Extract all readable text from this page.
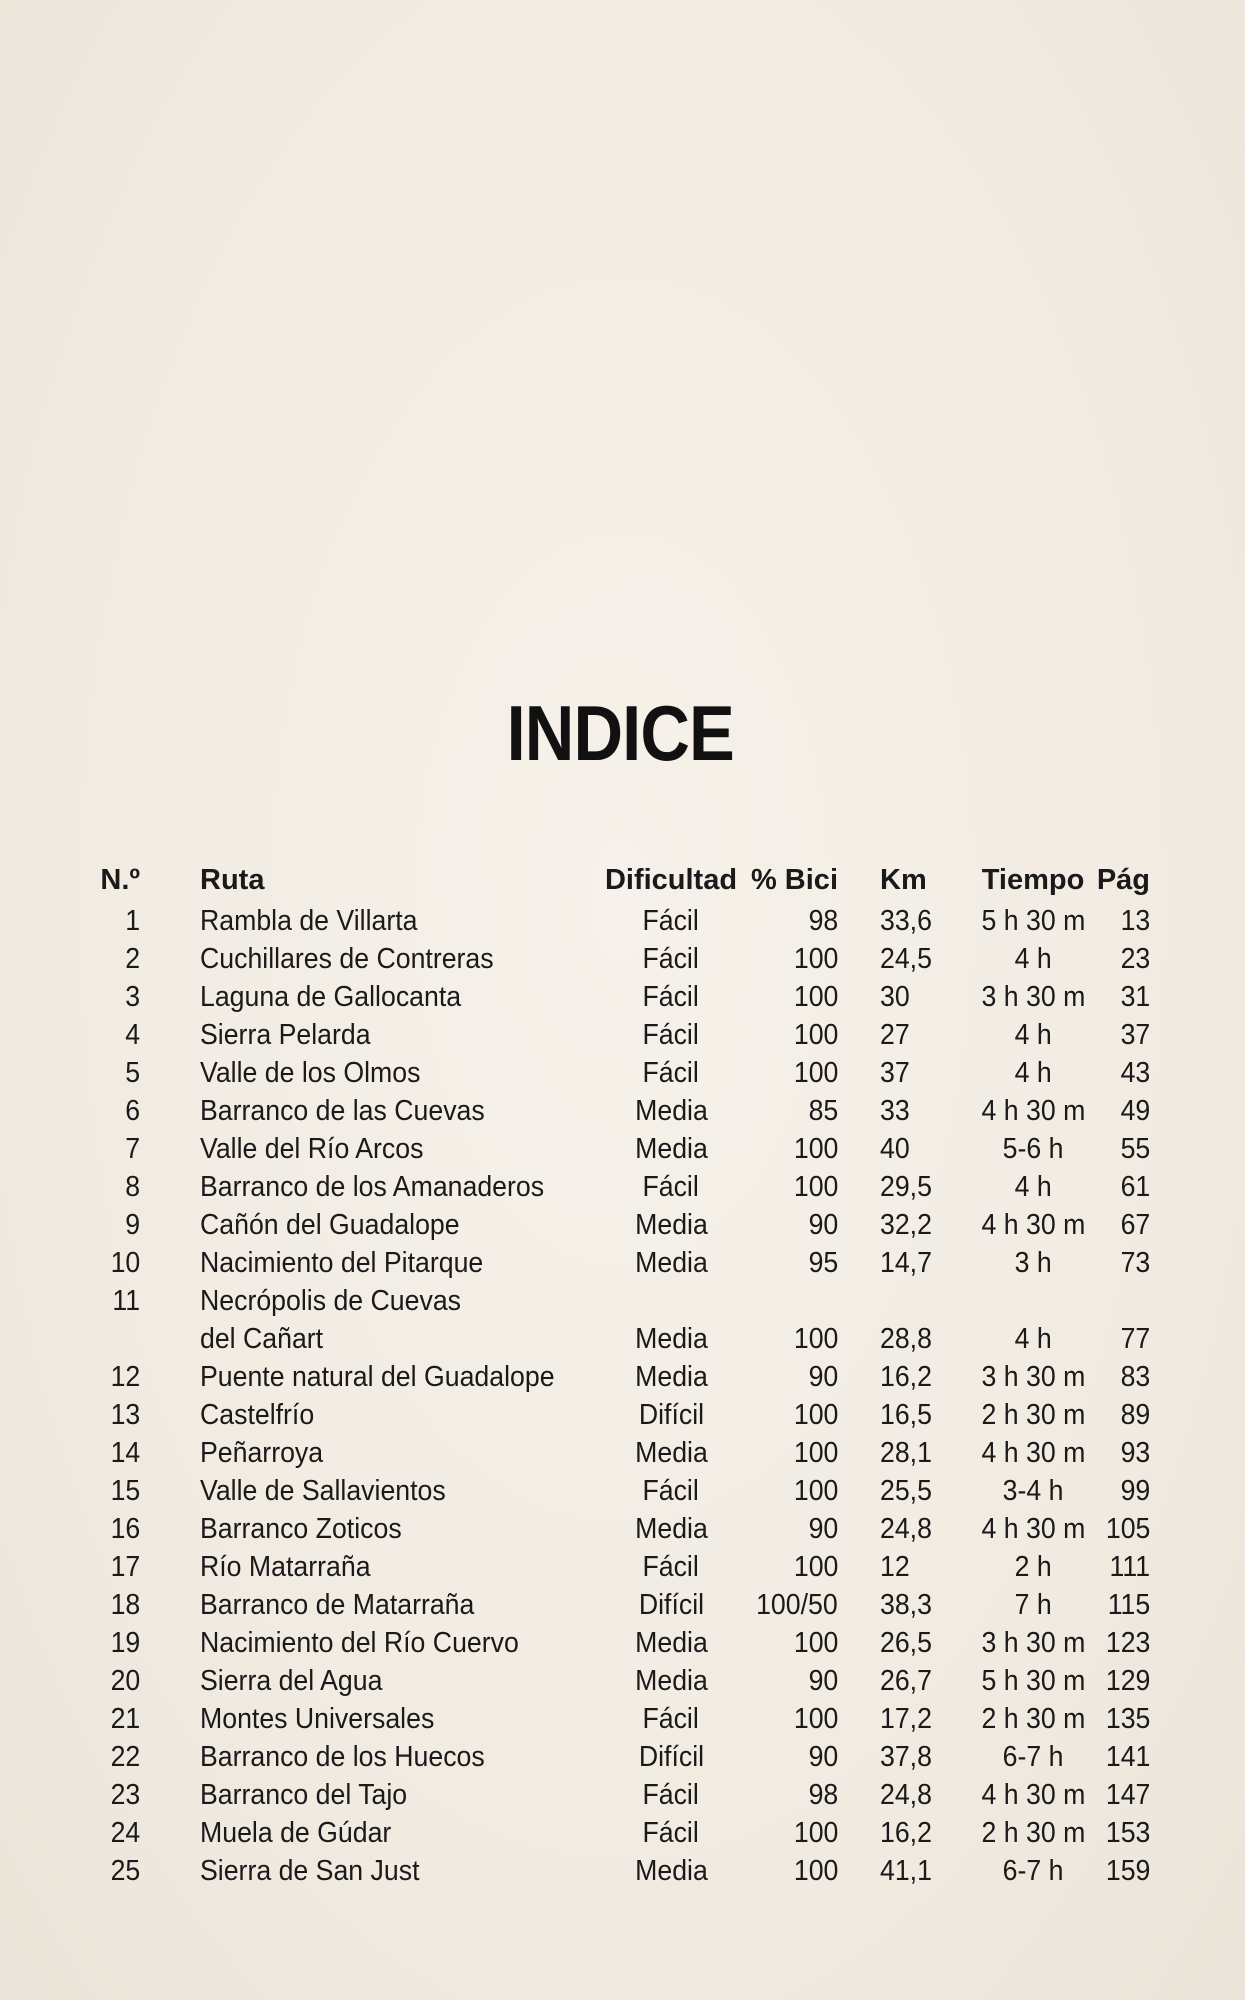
INDICE
N.º	Ruta	Dificultad	% Bici	Km	Tiempo	Pág
1	Rambla de Villarta	Fácil	98	33,6	5 h 30 m	13
2	Cuchillares de Contreras	Fácil	100	24,5	4 h	23
3	Laguna de Gallocanta	Fácil	100	30	3 h 30 m	31
4	Sierra Pelarda	Fácil	100	27	4 h	37
5	Valle de los Olmos	Fácil	100	37	4 h	43
6	Barranco de las Cuevas	Media	85	33	4 h 30 m	49
7	Valle del Río Arcos	Media	100	40	5-6 h	55
8	Barranco de los Amanaderos	Fácil	100	29,5	4 h	61
9	Cañón del Guadalope	Media	90	32,2	4 h 30 m	67
10	Nacimiento del Pitarque	Media	95	14,7	3 h	73
11	Necrópolis de Cuevas					
	del Cañart	Media	100	28,8	4 h	77
12	Puente natural del Guadalope	Media	90	16,2	3 h 30 m	83
13	Castelfrío	Difícil	100	16,5	2 h 30 m	89
14	Peñarroya	Media	100	28,1	4 h 30 m	93
15	Valle de Sallavientos	Fácil	100	25,5	3-4 h	99
16	Barranco Zoticos	Media	90	24,8	4 h 30 m	105
17	Río Matarraña	Fácil	100	12	2 h	111
18	Barranco de Matarraña	Difícil	100/50	38,3	7 h	115
19	Nacimiento del Río Cuervo	Media	100	26,5	3 h 30 m	123
20	Sierra del Agua	Media	90	26,7	5 h 30 m	129
21	Montes Universales	Fácil	100	17,2	2 h 30 m	135
22	Barranco de los Huecos	Difícil	90	37,8	6-7 h	141
23	Barranco del Tajo	Fácil	98	24,8	4 h 30 m	147
24	Muela de Gúdar	Fácil	100	16,2	2 h 30 m	153
25	Sierra de San Just	Media	100	41,1	6-7 h	159
